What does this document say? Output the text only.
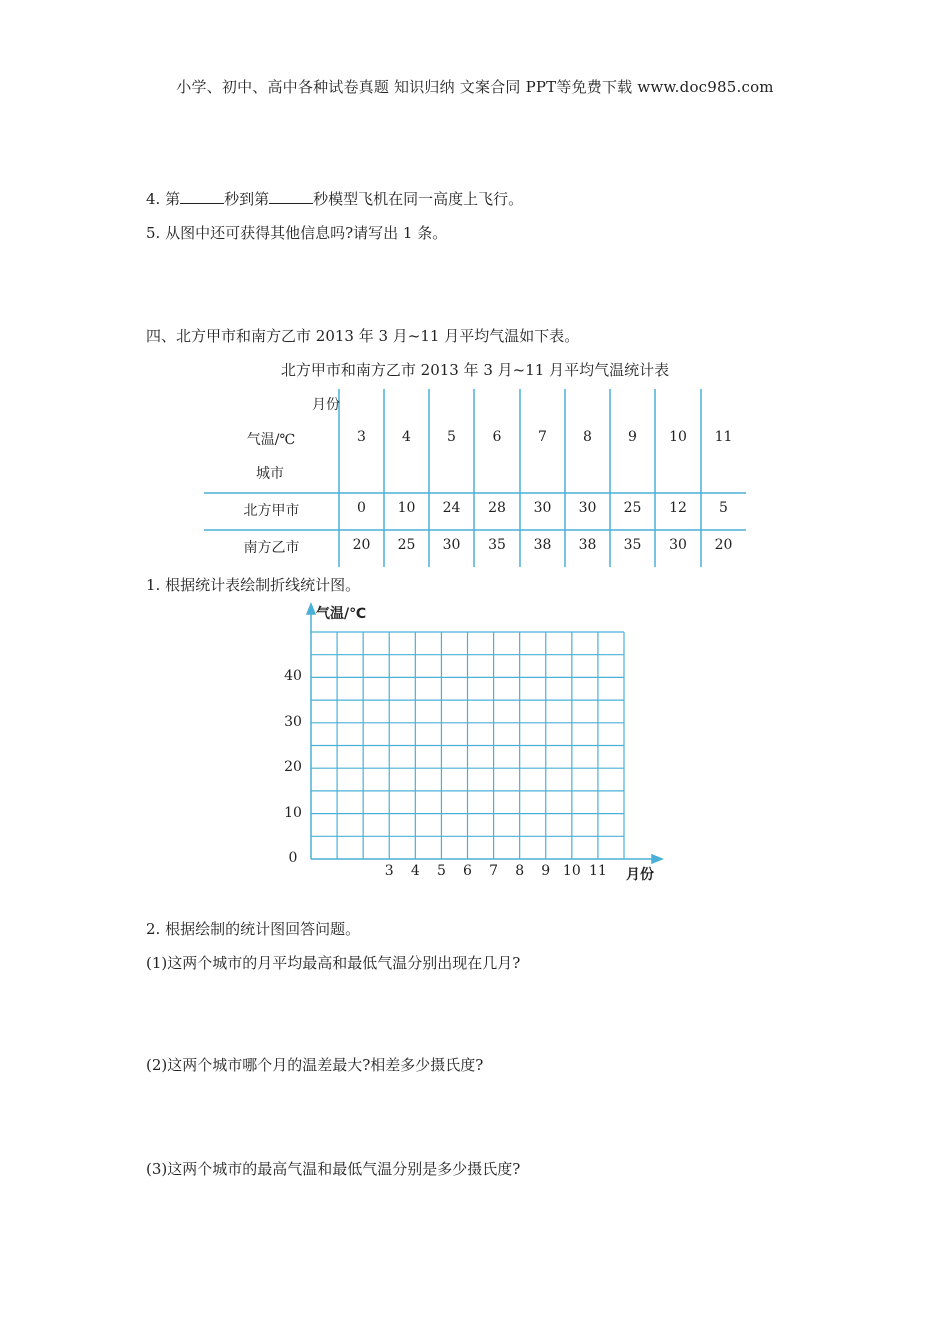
小学、初中、高中各种试卷真题 知识归纳 文案合同 PPT等免费下载 www.doc985.com
4. 第	秒到第	秒模型飞机在同一高度上飞行。
5. 从图中还可获得其他信息吗?请写出 1 条。
四、北方甲市和南方乙市 2013 年 3 月~11 月平均气温如下表。
北方甲市和南方乙市 2013 年 3 月~11 月平均气温统计表
月份
气温/℃
城市
3	4	5	6	7	8	9	10	11
北方甲市	0	10	24	28	30	30	25	12	5
南方乙市	20	25	30	35	38	38	35	30	20
1. 根据统计表绘制折线统计图。
气温/℃
月份
0
10
20
30
40
3	4	5	6	7	8	9 10 11
2. 根据绘制的统计图回答问题。
(1)这两个城市的月平均最高和最低气温分别出现在几月?
(2)这两个城市哪个月的温差最大?相差多少摄氏度?
(3)这两个城市的最高气温和最低气温分别是多少摄氏度?
